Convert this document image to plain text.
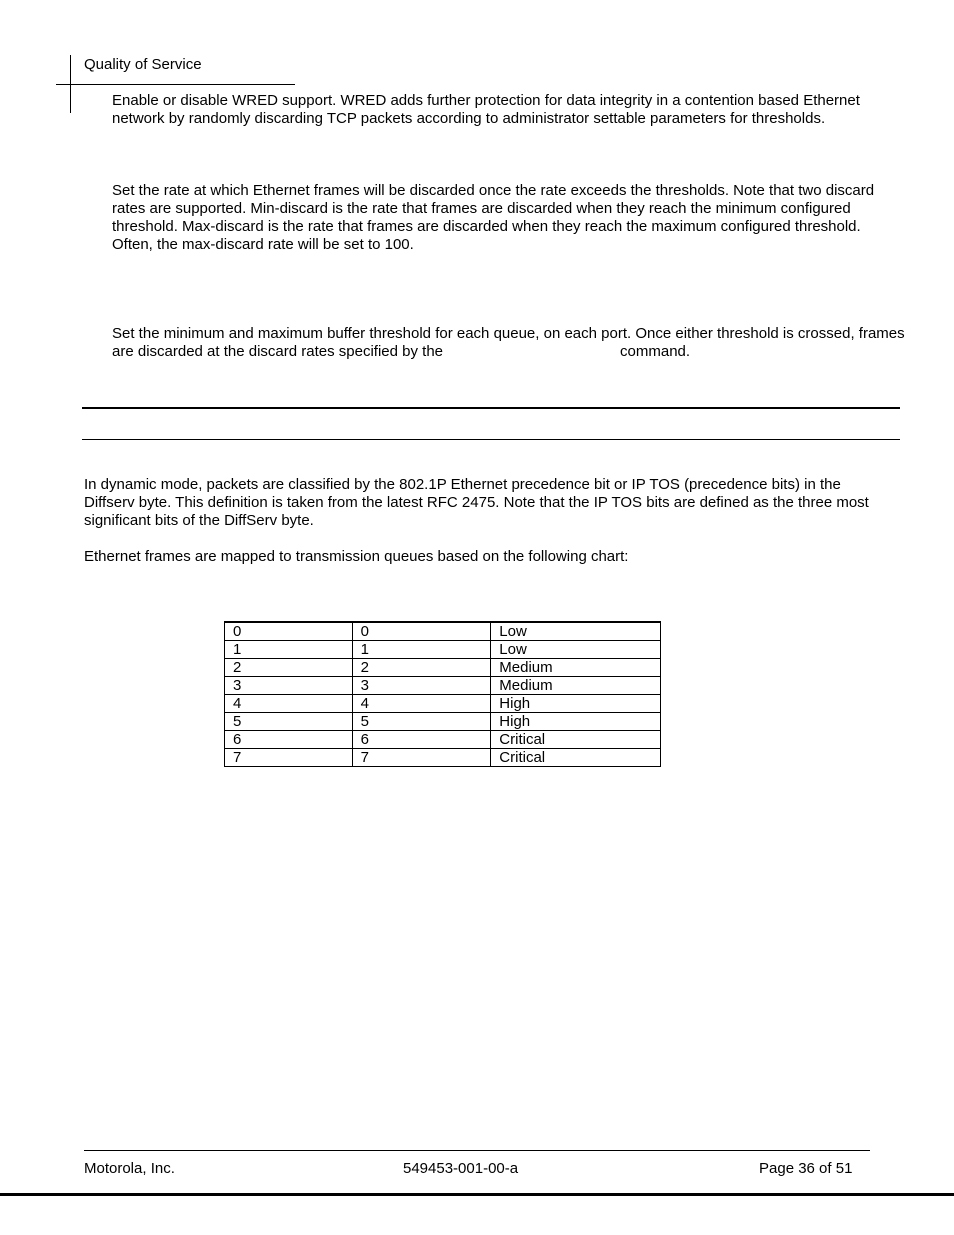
Quality of Service

Enable or disable WRED support. WRED adds further protection for data integrity in a contention based Ethernet network by randomly discarding TCP packets according to administrator settable parameters for thresholds.

Set the rate at which Ethernet frames will be discarded once the rate exceeds the thresholds. Note that two discard rates are supported. Min-discard is the rate that frames are discarded when they reach the minimum configured threshold. Max-discard is the rate that frames are discarded when they reach the maximum configured threshold. Often, the max-discard rate will be set to 100.

Set the minimum and maximum buffer threshold for each queue, on each port. Once either threshold is crossed, frames are discarded at the discard rates specified by the	command.

In dynamic mode, packets are classified by the 802.1P Ethernet precedence bit or IP TOS (precedence bits) in the Diffserv byte. This definition is taken from the latest RFC 2475. Note that the IP TOS bits are defined as the three most significant bits of the DiffServ byte.

Ethernet frames are mapped to transmission queues based on the following chart:

0	0	Low
1	1	Low
2	2	Medium
3	3	Medium
4	4	High
5	5	High
6	6	Critical
7	7	Critical
Motorola, Inc.	549453-001-00-a	Page 36 of 51
